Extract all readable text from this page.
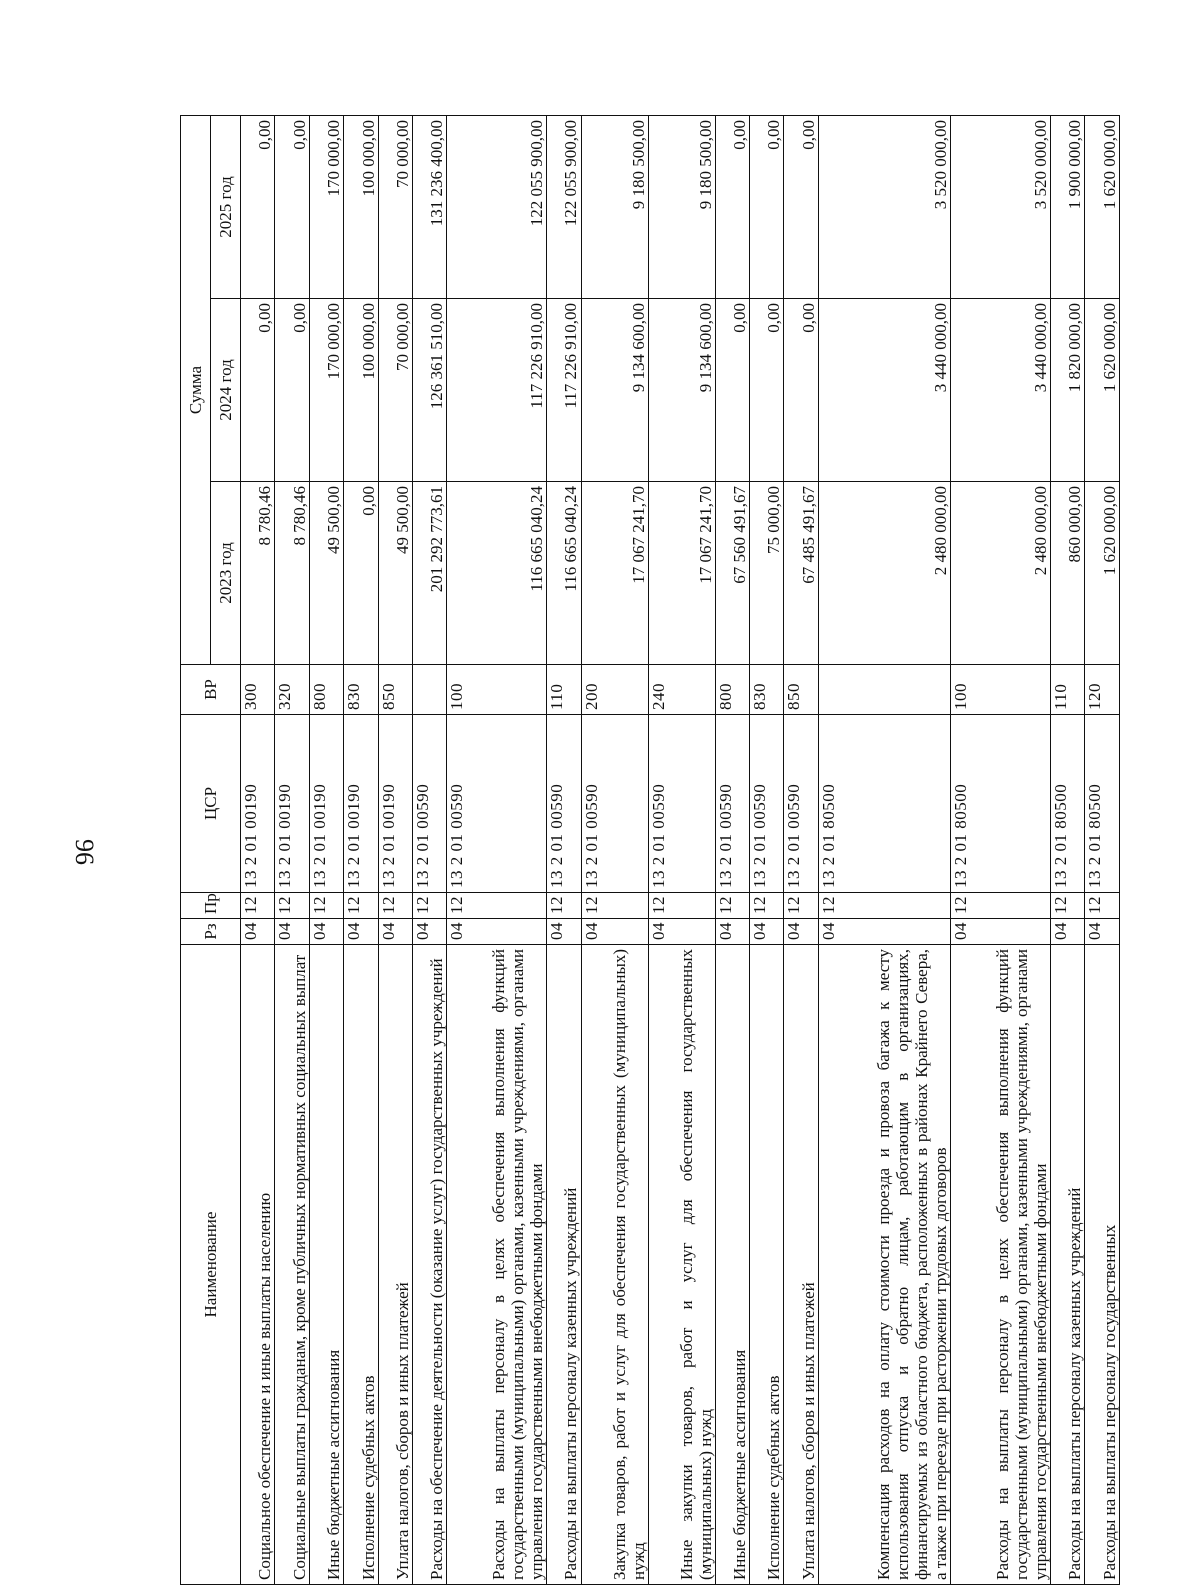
96
Наименование	Рз	Пр	ЦСР	ВР	Сумма		
					2023 год	2024 год	2025 год
Социальное обеспечение и иные выплаты населению	04	12	13 2 01 00190	300	8 780,46	0,00	0,00
Социальные выплаты гражданам, кроме публичных нормативных социальных выплат	04	12	13 2 01 00190	320	8 780,46	0,00	0,00
Иные бюджетные ассигнования	04	12	13 2 01 00190	800	49 500,00	170 000,00	170 000,00
Исполнение судебных актов	04	12	13 2 01 00190	830	0,00	100 000,00	100 000,00
Уплата налогов, сборов и иных платежей	04	12	13 2 01 00190	850	49 500,00	70 000,00	70 000,00
Расходы на обеспечение деятельности (оказание услуг) государственных учреждений	04	12	13 2 01 00590		201 292 773,61	126 361 510,00	131 236 400,00
Расходы на выплаты персоналу в целях обеспечения выполнения функций государственными (муниципальными) органами, казенными учреждениями, органами управления государственными внебюджетными фондами	04	12	13 2 01 00590	100	116 665 040,24	117 226 910,00	122 055 900,00
Расходы на выплаты персоналу казенных учреждений	04	12	13 2 01 00590	110	116 665 040,24	117 226 910,00	122 055 900,00
Закупка товаров, работ и услуг для обеспечения государственных (муниципальных) нужд	04	12	13 2 01 00590	200	17 067 241,70	9 134 600,00	9 180 500,00
Иные закупки товаров, работ и услуг для обеспечения государственных (муниципальных) нужд	04	12	13 2 01 00590	240	17 067 241,70	9 134 600,00	9 180 500,00
Иные бюджетные ассигнования	04	12	13 2 01 00590	800	67 560 491,67	0,00	0,00
Исполнение судебных актов	04	12	13 2 01 00590	830	75 000,00	0,00	0,00
Уплата налогов, сборов и иных платежей	04	12	13 2 01 00590	850	67 485 491,67	0,00	0,00
Компенсация расходов на оплату стоимости проезда и провоза багажа к месту использования отпуска и обратно лицам, работающим в организациях, финансируемых из областного бюджета, расположенных в районах Крайнего Севера, а также при переезде при расторжении трудовых договоров	04	12	13 2 01 80500		2 480 000,00	3 440 000,00	3 520 000,00
Расходы на выплаты персоналу в целях обеспечения выполнения функций государственными (муниципальными) органами, казенными учреждениями, органами управления государственными внебюджетными фондами	04	12	13 2 01 80500	100	2 480 000,00	3 440 000,00	3 520 000,00
Расходы на выплаты персоналу казенных учреждений	04	12	13 2 01 80500	110	860 000,00	1 820 000,00	1 900 000,00
Расходы на выплаты персоналу государственных	04	12	13 2 01 80500	120	1 620 000,00	1 620 000,00	1 620 000,00
